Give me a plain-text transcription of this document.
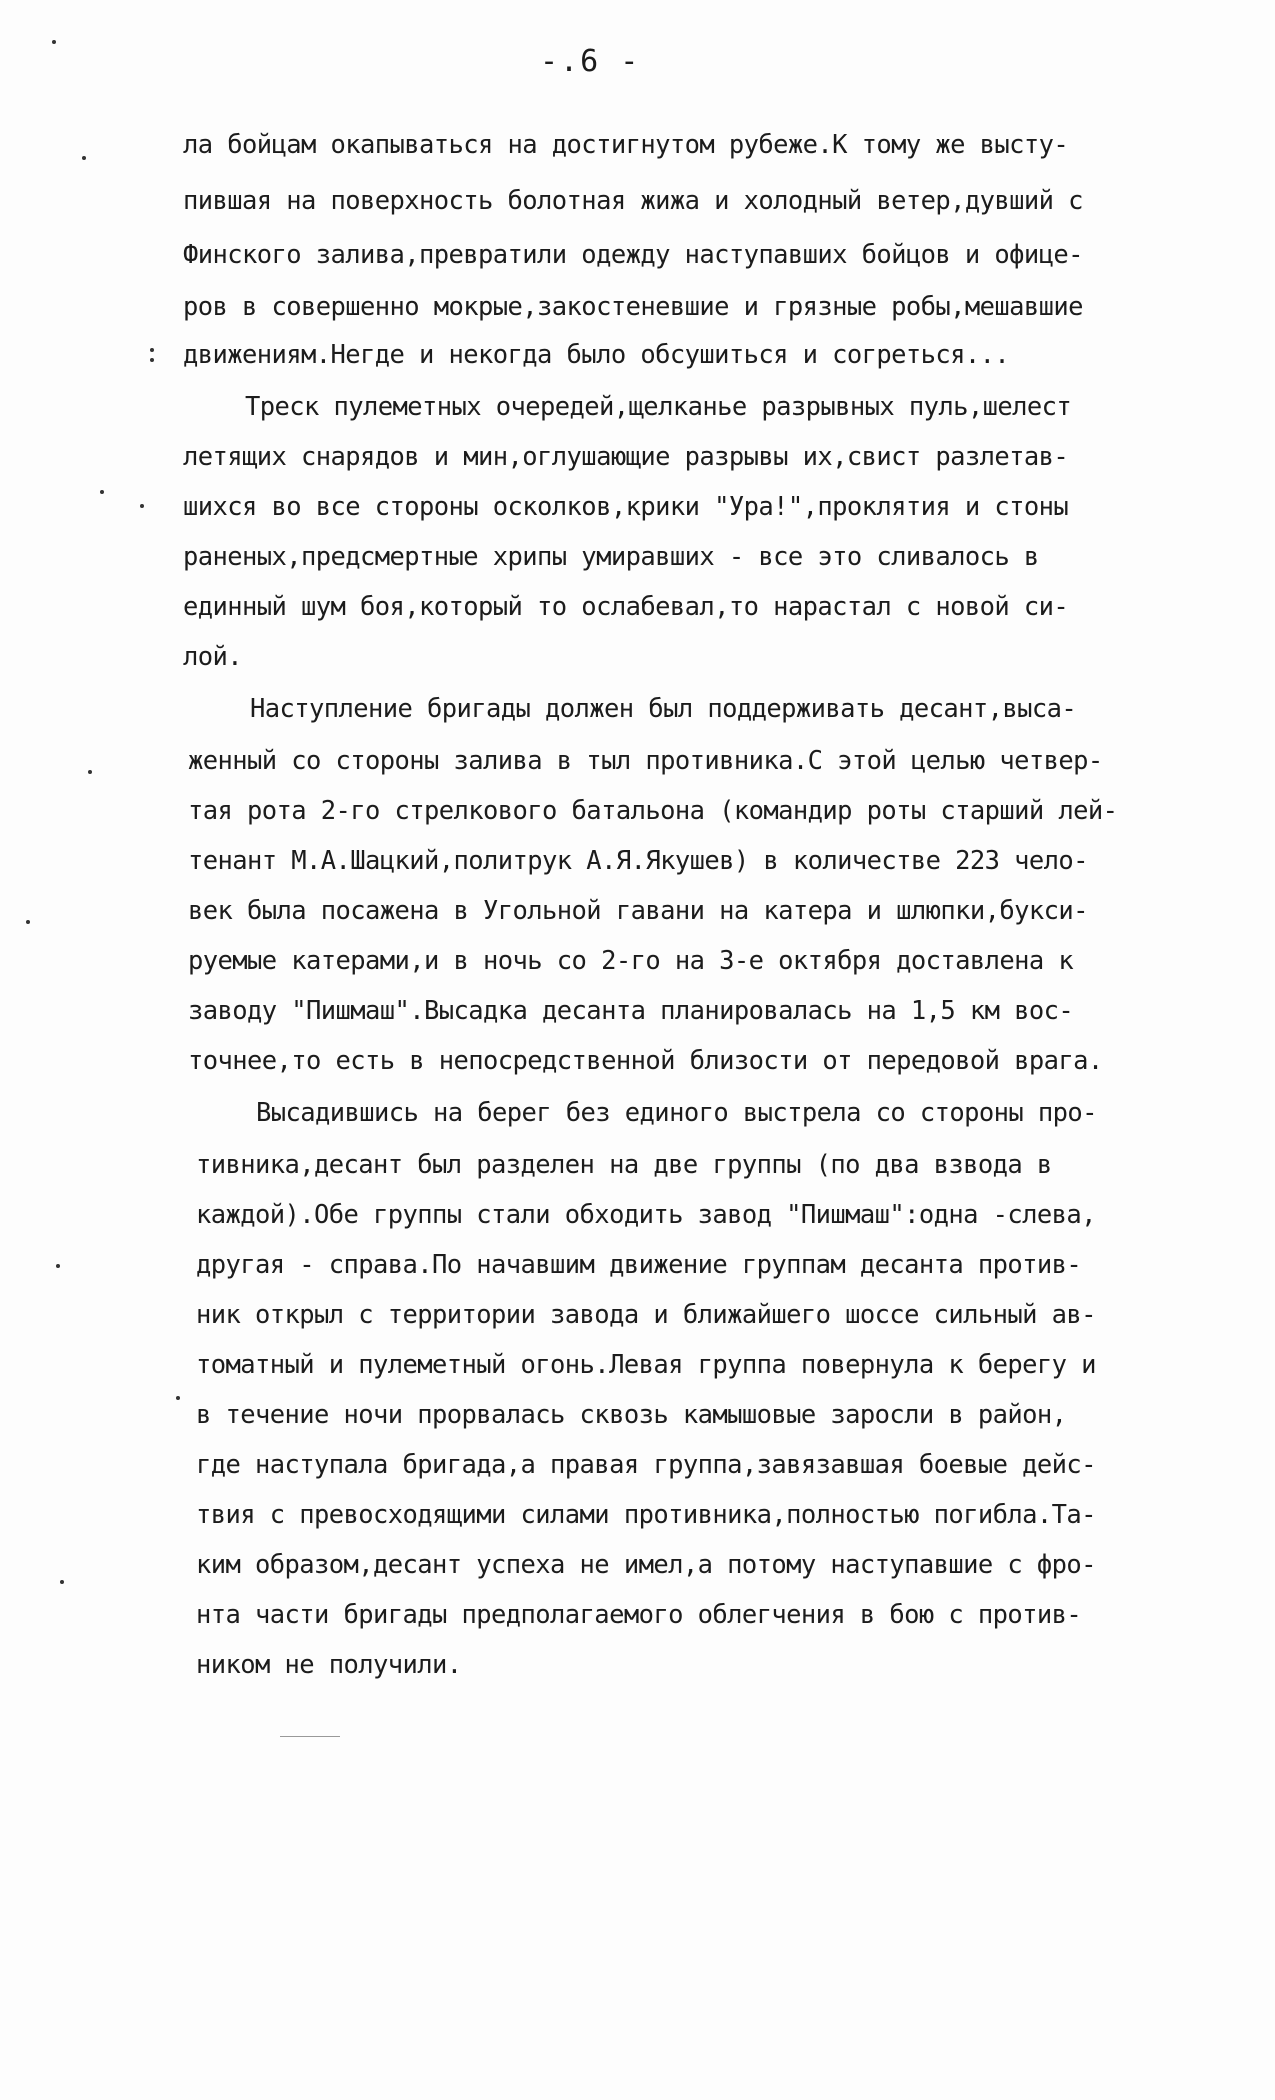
-.6 -
ла бойцам окапываться на достигнутом рубеже.К тому же высту-
пившая на поверхность болотная жижа и холодный ветер,дувший с
Финского залива,превратили одежду наступавших бойцов и офице-
ров в совершенно мокрые,закостеневшие и грязные робы,мешавшие
движениям.Негде и некогда было обсушиться и согреться...
Треск пулеметных очередей,щелканье разрывных пуль,шелест
летящих снарядов и мин,оглушающие разрывы их,свист разлетав-
шихся во все стороны осколков,крики "Ура!",проклятия и стоны
раненых,предсмертные хрипы умиравших - все это сливалось в
единный шум боя,который то ослабевал,то нарастал с новой си-
лой.
Наступление бригады должен был поддерживать десант,выса-
женный со стороны залива в тыл противника.С этой целью четвер-
тая рота 2-го стрелкового батальона (командир роты старший лей-
тенант М.А.Шацкий,политрук А.Я.Якушев) в количестве 223 чело-
век была посажена в Угольной гавани на катера и шлюпки,букси-
руемые катерами,и в ночь со 2-го на 3-е октября доставлена к
заводу "Пишмаш".Высадка десанта планировалась на 1,5 км вос-
точнее,то есть в непосредственной близости от передовой врага.
Высадившись на берег без единого выстрела со стороны про-
тивника,десант был разделен на две группы (по два взвода в
каждой).Обе группы стали обходить завод "Пишмаш":одна -слева,
другая - справа.По начавшим движение группам десанта против-
ник открыл с территории завода и ближайшего шоссе сильный ав-
томатный и пулеметный огонь.Левая группа повернула к берегу и
в течение ночи прорвалась сквозь камышовые заросли в район,
где наступала бригада,а правая группа,завязавшая боевые дейс-
твия с превосходящими силами противника,полностью погибла.Та-
ким образом,десант успеха не имел,а потому наступавшие с фро-
нта части бригады предполагаемого облегчения в бою с против-
ником не получили.
